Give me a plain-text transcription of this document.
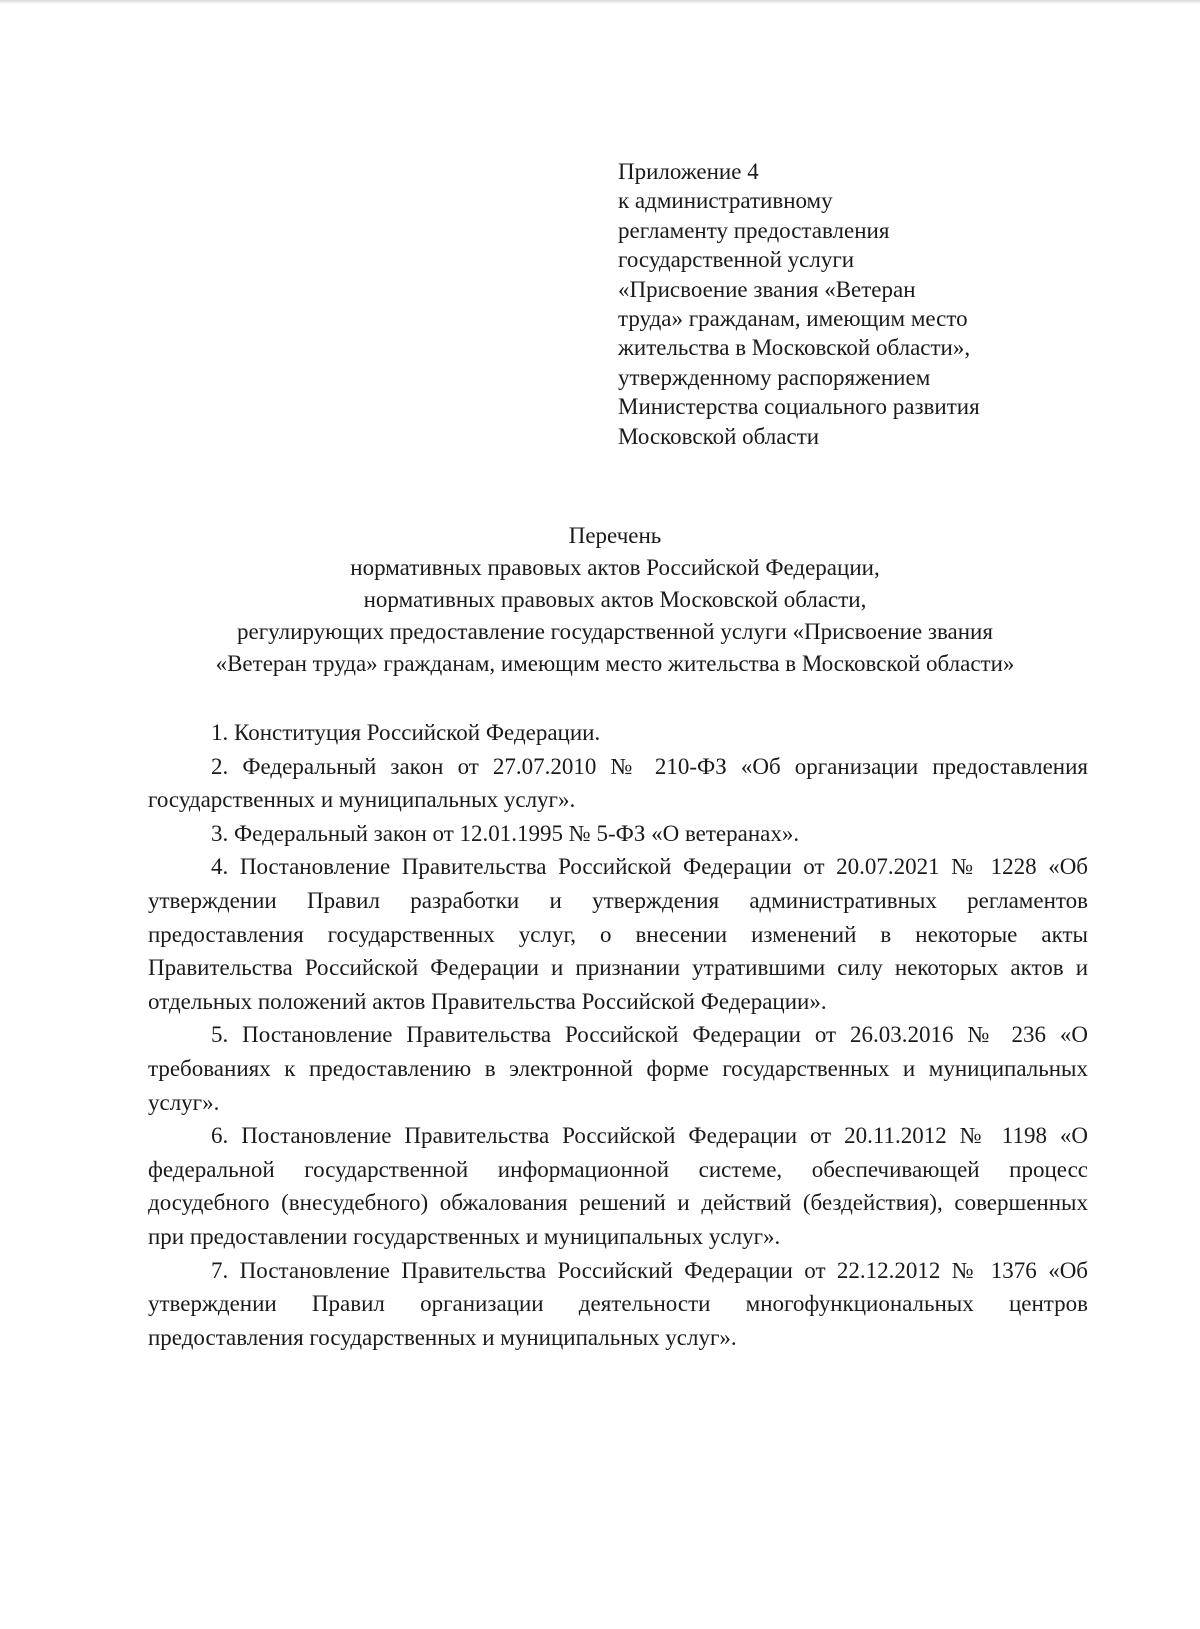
Приложение 4
к административному
регламенту предоставления
государственной услуги
«Присвоение звания «Ветеран
труда» гражданам, имеющим место
жительства в Московской области»,
утвержденному распоряжением
Министерства социального развития
Московской области
Перечень
нормативных правовых актов Российской Федерации,
нормативных правовых актов Московской области,
регулирующих предоставление государственной услуги «Присвоение звания
«Ветеран труда» гражданам, имеющим место жительства в Московской области»

1. Конституция Российской Федерации.

2. Федеральный закон от 27.07.2010 № 210-ФЗ «Об организации предоставления государственных и муниципальных услуг».

3. Федеральный закон от 12.01.1995 № 5-ФЗ «О ветеранах».

4. Постановление Правительства Российской Федерации от 20.07.2021 № 1228 «Об утверждении Правил разработки и утверждения административных регламентов предоставления государственных услуг, о внесении изменений в некоторые акты Правительства Российской Федерации и признании утратившими силу некоторых актов и отдельных положений актов Правительства Российской Федерации».

5. Постановление Правительства Российской Федерации от 26.03.2016 № 236 «О требованиях к предоставлению в электронной форме государственных и муниципальных услуг».

6. Постановление Правительства Российской Федерации от 20.11.2012 № 1198 «О федеральной государственной информационной системе, обеспечивающей процесс досудебного (внесудебного) обжалования решений и действий (бездействия), совершенных при предоставлении государственных и муниципальных услуг».

7. Постановление Правительства Российский Федерации от 22.12.2012 № 1376 «Об утверждении Правил организации деятельности многофункциональных центров предоставления государственных и муниципальных услуг».
